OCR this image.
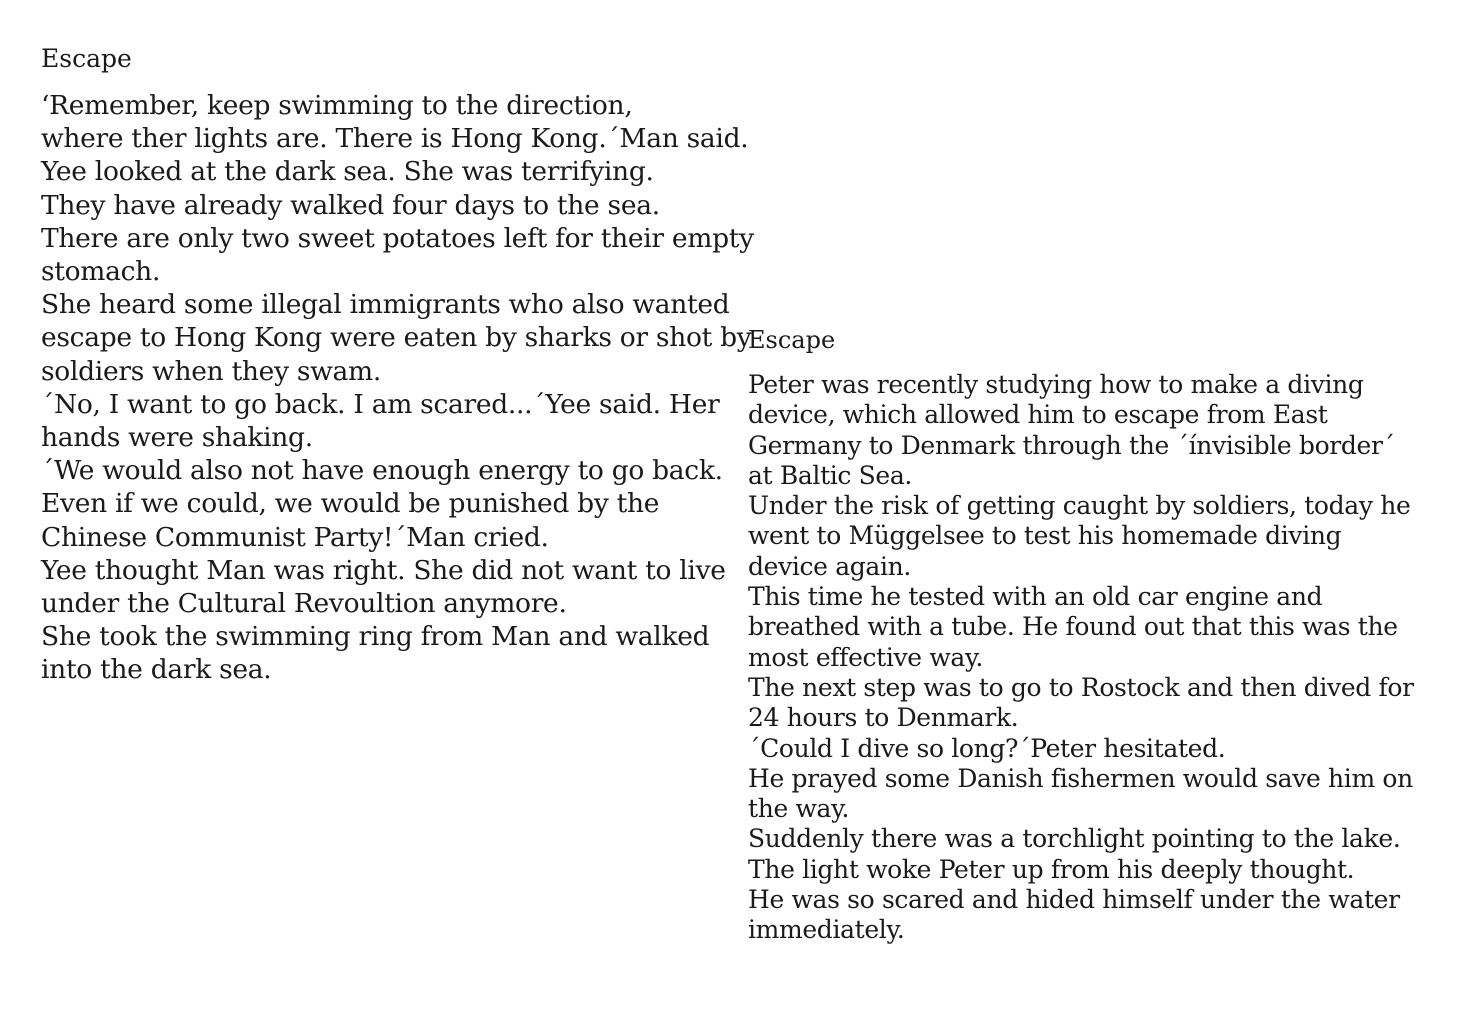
Escape
‘Remember, keep swimming to the direction,
where ther lights are. There is Hong Kong.´Man said.
Yee looked at the dark sea. She was terrifying.
They have already walked four days to the sea.
There are only two sweet potatoes left for their empty
stomach.
She heard some illegal immigrants who also wanted
escape to Hong Kong were eaten by sharks or shot by
soldiers when they swam.
´No, I want to go back. I am scared...´Yee said. Her
hands were shaking.
´We would also not have enough energy to go back.
Even if we could, we would be punished by the
Chinese Communist Party!´Man cried.
Yee thought Man was right. She did not want to live
under the Cultural Revoultion anymore.
She took the swimming ring from Man and walked
into the dark sea.
Escape
Peter was recently studying how to make a diving
device, which allowed him to escape from East
Germany to Denmark through the ´ínvisible border´
at Baltic Sea.
Under the risk of getting caught by soldiers, today he
went to Müggelsee to test his homemade diving
device again.
This time he tested with an old car engine and
breathed with a tube. He found out that this was the
most effective way.
The next step was to go to Rostock and then dived for
24 hours to Denmark.
´Could I dive so long?´Peter hesitated.
He prayed some Danish fishermen would save him on
the way.
Suddenly there was a torchlight pointing to the lake.
The light woke Peter up from his deeply thought.
He was so scared and hided himself under the water
immediately.
